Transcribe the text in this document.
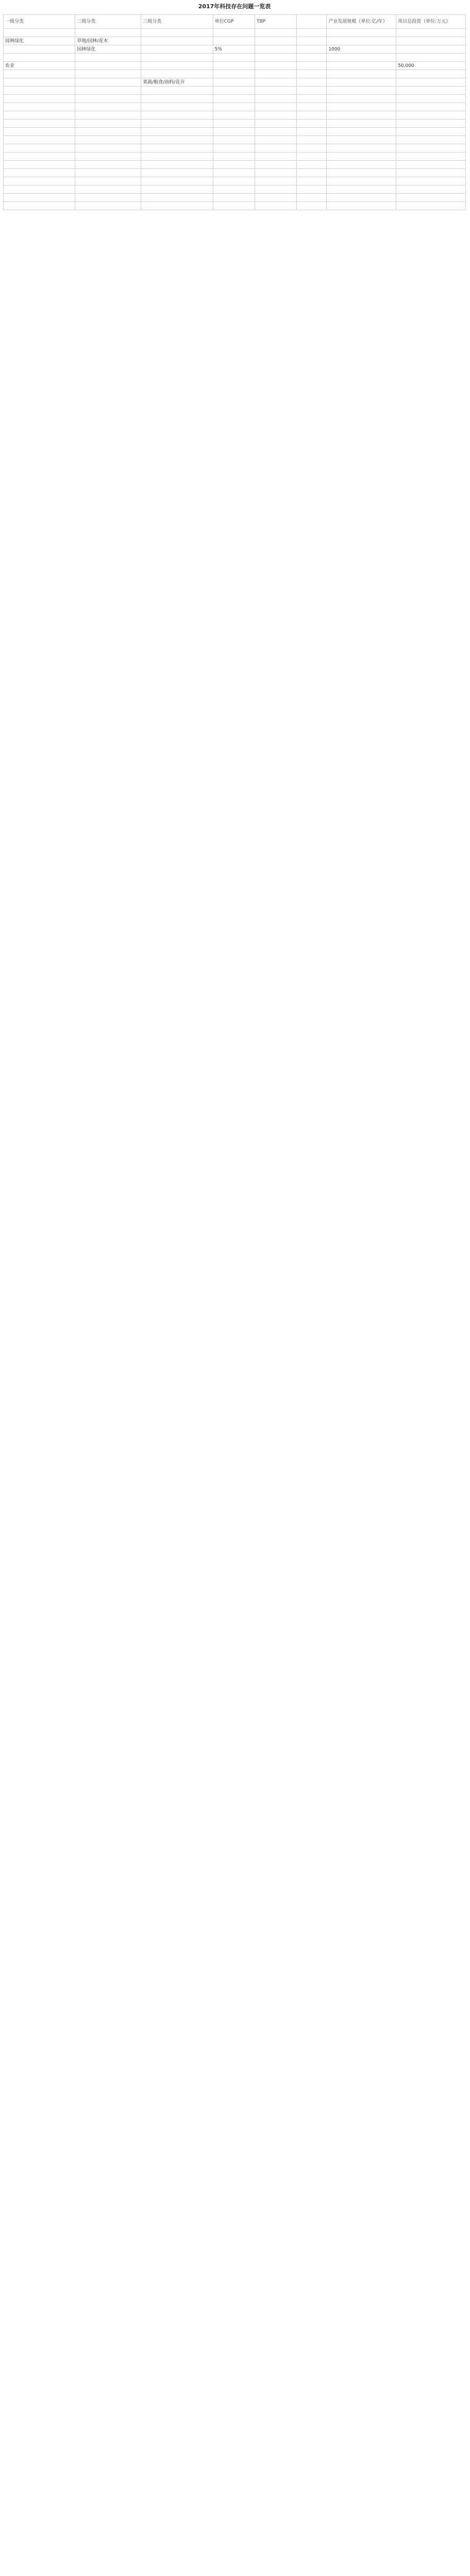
2017年科技存在问题一览表
一级分类	二级分类	三级分类	单位CGP	TBP		产业发展规模（单位:亿/年）	项目总投资（单位:万元）

园林绿化	草地/园林/花木						
	园林绿化		5%			1000	

农业							50,000

		果蔬/粮食/油料/花卉					
